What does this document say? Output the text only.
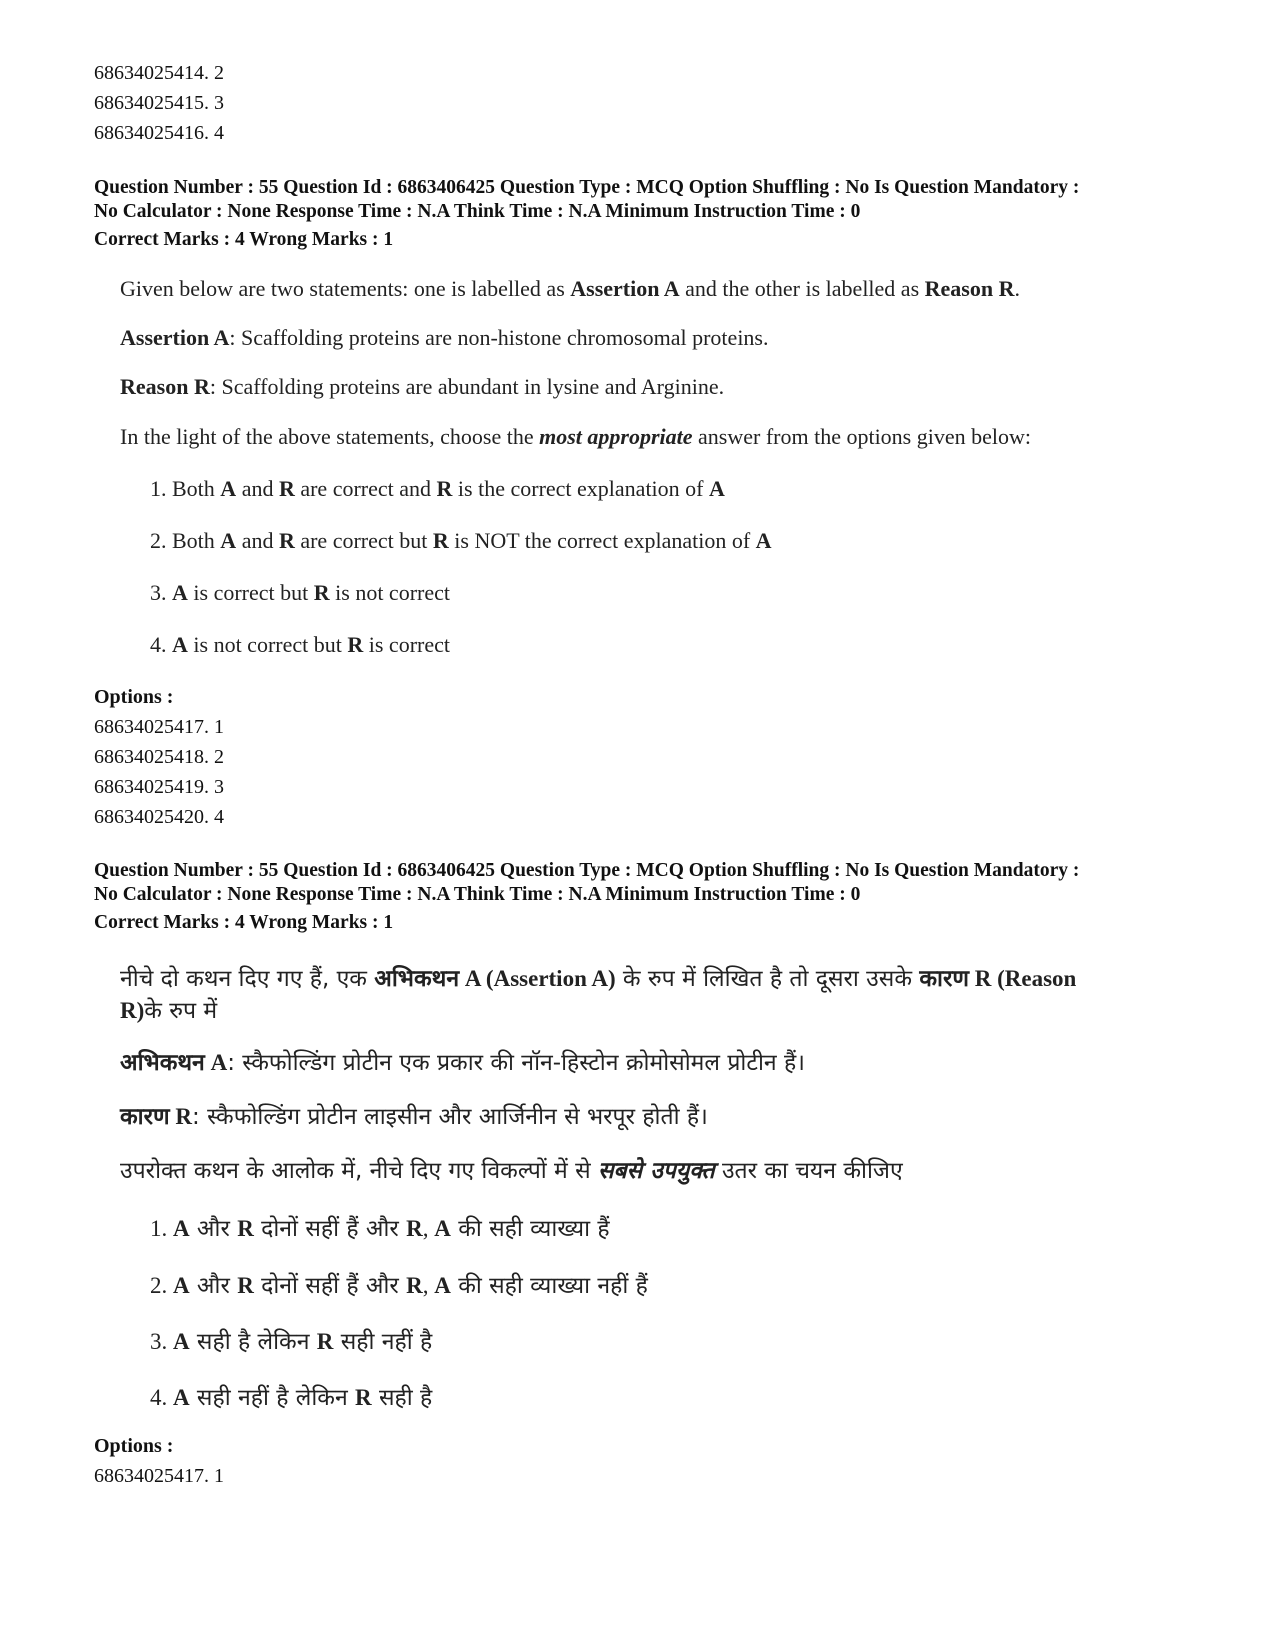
68634025414. 2
68634025415. 3
68634025416. 4
Question Number : 55 Question Id : 6863406425 Question Type : MCQ Option Shuffling : No Is Question Mandatory :
No Calculator : None Response Time : N.A Think Time : N.A Minimum Instruction Time : 0
Correct Marks : 4 Wrong Marks : 1

Given below are two statements: one is labelled as Assertion A and the other is labelled as Reason R.

Assertion A: Scaffolding proteins are non-histone chromosomal proteins.

Reason R: Scaffolding proteins are abundant in lysine and Arginine.

In the light of the above statements, choose the most appropriate answer from the options given below:

1. Both A and R are correct and R is the correct explanation of A

2. Both A and R are correct but R is NOT the correct explanation of A

3. A is correct but R is not correct

4. A is not correct but R is correct

Options :
68634025417. 1
68634025418. 2
68634025419. 3
68634025420. 4
Question Number : 55 Question Id : 6863406425 Question Type : MCQ Option Shuffling : No Is Question Mandatory :
No Calculator : None Response Time : N.A Think Time : N.A Minimum Instruction Time : 0
Correct Marks : 4 Wrong Marks : 1

नीचे दो कथन दिए गए हैं, एक अभिकथन A (Assertion A) के रुप में लिखित है तो दूसरा उसके कारण R (Reason R)के रुप में

अभिकथन A: स्कैफोल्डिंग प्रोटीन एक प्रकार की नॉन-हिस्टोन क्रोमोसोमल प्रोटीन हैं।

कारण R: स्कैफोल्डिंग प्रोटीन लाइसीन और आर्जिनीन से भरपूर होती हैं।

उपरोक्त कथन के आलोक में, नीचे दिए गए विकल्पों में से सबसे उपयुक्त उतर का चयन कीजिए

1. A और R दोनों सहीं हैं और R, A की सही व्याख्या हैं

2. A और R दोनों सहीं हैं और R, A की सही व्याख्या नहीं हैं

3. A सही है लेकिन R सही नहीं है

4. A सही नहीं है लेकिन R सही है

Options :
68634025417. 1
